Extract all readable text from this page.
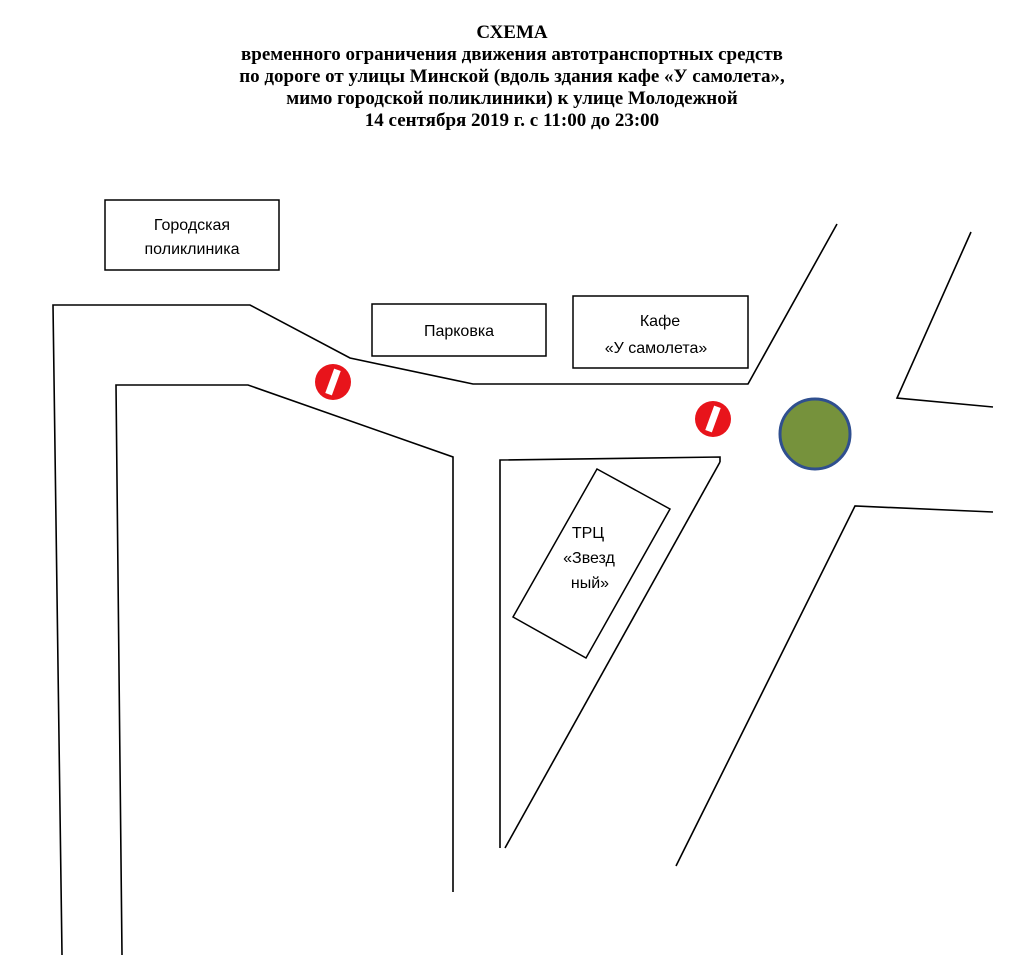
СХЕМА
временного ограничения движения автотранспортных средств
по дороге от улицы Минской (вдоль здания кафе «У самолета»,
мимо городской поликлиники) к улице Молодежной
14 сентября 2019 г. с 11:00 до 23:00
Городская
поликлиника
Парковка
Кафе
«У самолета»
ТРЦ
«Звезд
ный»
